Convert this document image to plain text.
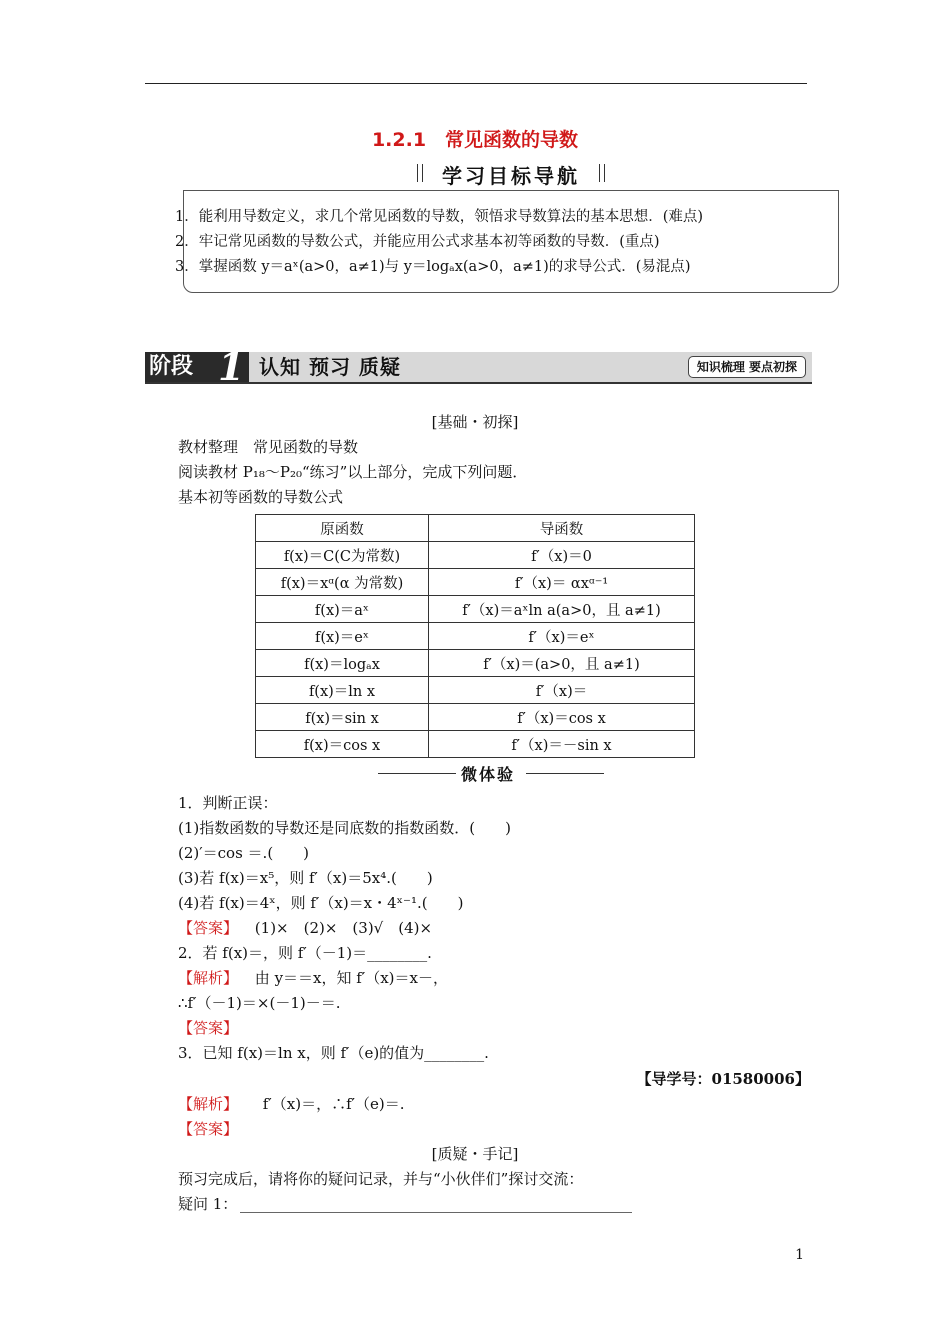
1.2.1　常见函数的导数
学习目标导航
1．能利用导数定义，求几个常见函数的导数，领悟求导数算法的基本思想．(难点)
2．牢记常见函数的导数公式，并能应用公式求基本初等函数的导数．(重点)
3．掌握函数 y＝aˣ(a>0，a≠1)与 y＝logₐx(a>0，a≠1)的求导公式．(易混点)
阶段 1 认知 预习 质疑	知识梳理 要点初探
[基础・初探]
教材整理　常见函数的导数
阅读教材 P₁₈～P₂₀“练习”以上部分，完成下列问题．
基本初等函数的导数公式
原函数	导函数
f(x)＝C(C为常数)	f′（x)＝0
f(x)＝xᵅ(α 为常数)	f′（x)＝ αxᵅ⁻¹
f(x)＝aˣ	f′（x)＝aˣln a(a>0，且 a≠1)
f(x)＝eˣ	f′（x)＝eˣ
f(x)＝logₐx	f′（x)＝(a>0，且 a≠1)
f(x)＝ln x	f′（x)＝
f(x)＝sin x	f′（x)＝cos x
f(x)＝cos x	f′（x)＝－sin x
微体验
1．判断正误：
(1)指数函数的导数还是同底数的指数函数．(　　)
(2)′＝cos ＝.(　　)
(3)若 f(x)＝x⁵，则 f′（x)＝5x⁴.(　　)
(4)若 f(x)＝4ˣ，则 f′（x)＝x・4ˣ⁻¹.(　　)
【答案】 (1)×　(2)×　(3)√　(4)×
2．若 f(x)＝，则 f′（－1)＝________.
【解析】 由 y＝＝x，知 f′（x)＝x－，
∴f′（－1)＝×(－1)－＝.
【答案】
3．已知 f(x)＝ln x，则 f′（e)的值为________.
【导学号：01580006】
【解析】 f′（x)＝，∴f′（e)＝.
【答案】
[质疑・手记]
预习完成后，请将你的疑问记录，并与“小伙伴们”探讨交流：
疑问 1：
1
